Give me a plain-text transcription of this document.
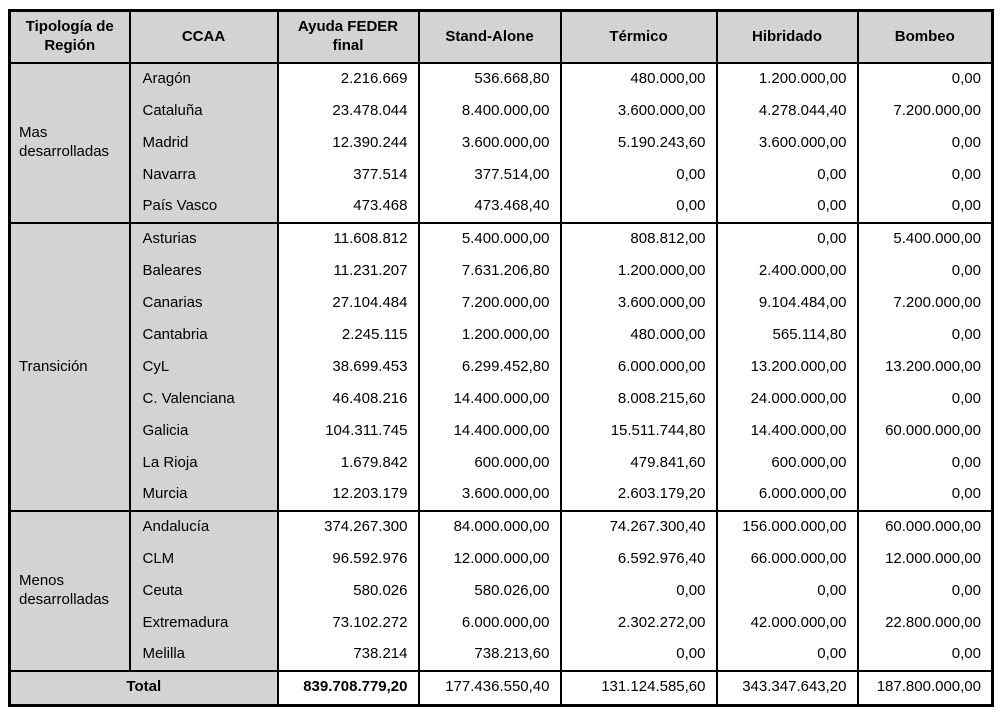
Tipología de Región	CCAA	Ayuda FEDER final	Stand-Alone	Térmico	Hibridado	Bombeo
Mas desarrolladas	Aragón	2.216.669	536.668,80	480.000,00	1.200.000,00	0,00
	Cataluña	23.478.044	8.400.000,00	3.600.000,00	4.278.044,40	7.200.000,00
	Madrid	12.390.244	3.600.000,00	5.190.243,60	3.600.000,00	0,00
	Navarra	377.514	377.514,00	0,00	0,00	0,00
	País Vasco	473.468	473.468,40	0,00	0,00	0,00
Transición	Asturias	11.608.812	5.400.000,00	808.812,00	0,00	5.400.000,00
	Baleares	11.231.207	7.631.206,80	1.200.000,00	2.400.000,00	0,00
	Canarias	27.104.484	7.200.000,00	3.600.000,00	9.104.484,00	7.200.000,00
	Cantabria	2.245.115	1.200.000,00	480.000,00	565.114,80	0,00
	CyL	38.699.453	6.299.452,80	6.000.000,00	13.200.000,00	13.200.000,00
	C. Valenciana	46.408.216	14.400.000,00	8.008.215,60	24.000.000,00	0,00
	Galicia	104.311.745	14.400.000,00	15.511.744,80	14.400.000,00	60.000.000,00
	La Rioja	1.679.842	600.000,00	479.841,60	600.000,00	0,00
	Murcia	12.203.179	3.600.000,00	2.603.179,20	6.000.000,00	0,00
Menos desarrolladas	Andalucía	374.267.300	84.000.000,00	74.267.300,40	156.000.000,00	60.000.000,00
	CLM	96.592.976	12.000.000,00	6.592.976,40	66.000.000,00	12.000.000,00
	Ceuta	580.026	580.026,00	0,00	0,00	0,00
	Extremadura	73.102.272	6.000.000,00	2.302.272,00	42.000.000,00	22.800.000,00
	Melilla	738.214	738.213,60	0,00	0,00	0,00
Total		839.708.779,20	177.436.550,40	131.124.585,60	343.347.643,20	187.800.000,00
